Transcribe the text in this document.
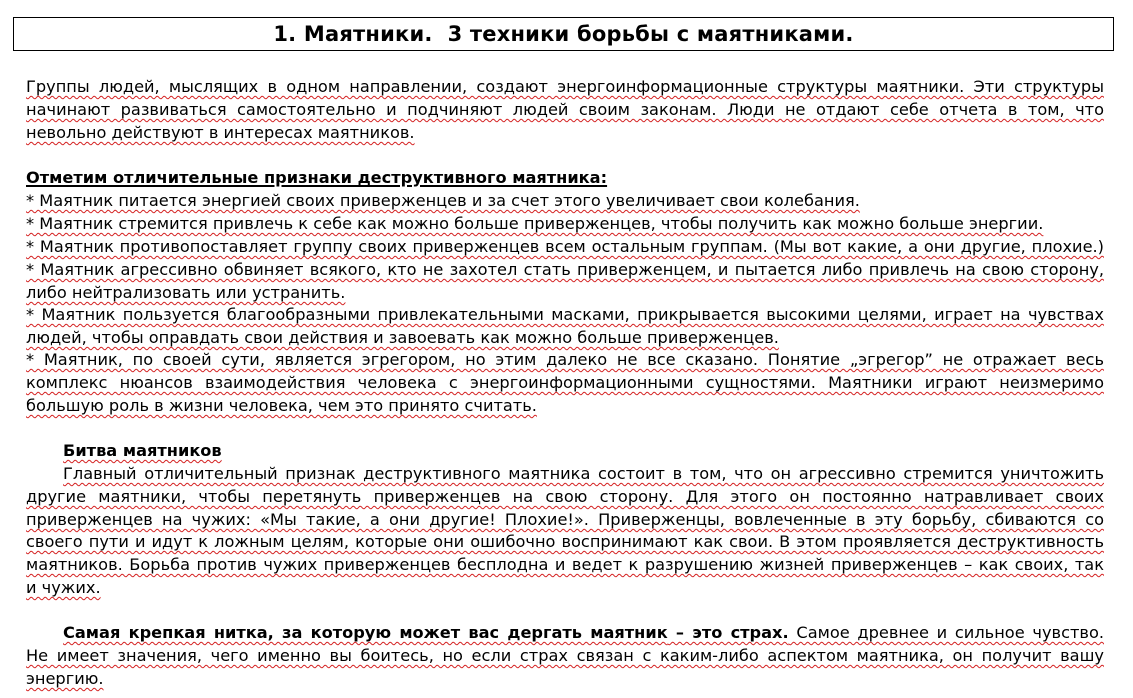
1. Маятники.  3 техники борьбы с маятниками.
Группы людей, мыслящих в одном направлении, создают энергоинформационные структуры маятники. Эти структуры
начинают развиваться самостоятельно и подчиняют людей своим законам. Люди не отдают себе отчета в том, что
невольно действуют в интересах маятников.
Отметим отличительные признаки деструктивного маятника:
* Маятник питается энергией своих приверженцев и за счет этого увеличивает свои колебания.
* Маятник стремится привлечь к себе как можно больше приверженцев, чтобы получить как можно больше энергии.
* Маятник противопоставляет группу своих приверженцев всем остальным группам. (Мы вот какие, а они другие, плохие.)
* Маятник агрессивно обвиняет всякого, кто не захотел стать приверженцем, и пытается либо привлечь на свою сторону,
либо нейтрализовать или устранить.
* Маятник пользуется благообразными привлекательными масками, прикрывается высокими целями, играет на чувствах
людей, чтобы оправдать свои действия и завоевать как можно больше приверженцев.
* Маятник, по своей сути, является эгрегором, но этим далеко не все сказано. Понятие „эгрегор” не отражает весь
комплекс нюансов взаимодействия человека с энергоинформационными сущностями. Маятники играют неизмеримо
большую роль в жизни человека, чем это принято считать.
Битва маятников
Главный отличительный признак деструктивного маятника состоит в том, что он агрессивно стремится уничтожить
другие маятники, чтобы перетянуть приверженцев на свою сторону. Для этого он постоянно натравливает своих
приверженцев на чужих: «Мы такие, а они другие! Плохие!». Приверженцы, вовлеченные в эту борьбу, сбиваются со
своего пути и идут к ложным целям, которые они ошибочно воспринимают как свои. В этом проявляется деструктивность
маятников. Борьба против чужих приверженцев бесплодна и ведет к разрушению жизней приверженцев – как своих, так
и чужих.
Самая крепкая нитка, за которую может вас дергать маятник – это страх. Самое древнее и сильное чувство.
Не имеет значения, чего именно вы боитесь, но если страх связан с каким-либо аспектом маятника, он получит вашу
энергию.
